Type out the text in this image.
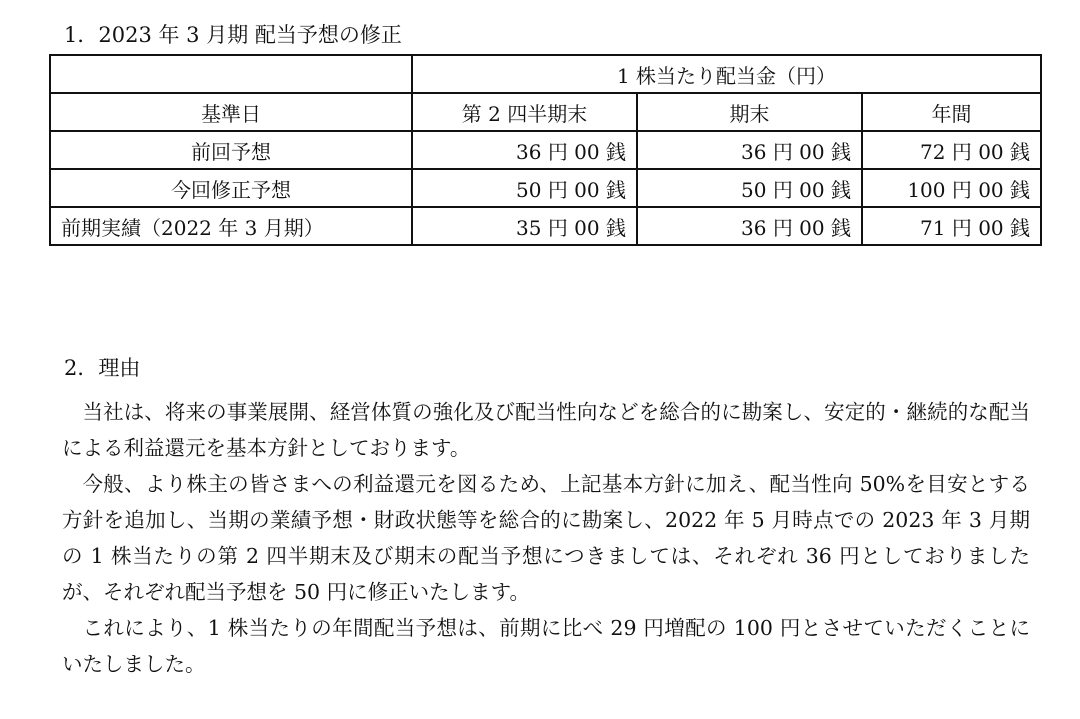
1．2023 年 3 月期 配当予想の修正
	1 株当たり配当金（円）		
基準日	第 2 四半期末	期末	年間
前回予想	36 円 00 銭	36 円 00 銭	72 円 00 銭
今回修正予想	50 円 00 銭	50 円 00 銭	100 円 00 銭
前期実績（2022 年 3 月期）	35 円 00 銭	36 円 00 銭	71 円 00 銭
2．理由

当社は、将来の事業展開、経営体質の強化及び配当性向などを総合的に勘案し、安定的・継続的な配当による利益還元を基本方針としております。

今般、より株主の皆さまへの利益還元を図るため、上記基本方針に加え、配当性向 50%を目安とする方針を追加し、当期の業績予想・財政状態等を総合的に勘案し、2022 年 5 月時点での 2023 年 3 月期の 1 株当たりの第 2 四半期末及び期末の配当予想につきましては、それぞれ 36 円としておりましたが、それぞれ配当予想を 50 円に修正いたします。

これにより、1 株当たりの年間配当予想は、前期に比べ 29 円増配の 100 円とさせていただくことにいたしました。
